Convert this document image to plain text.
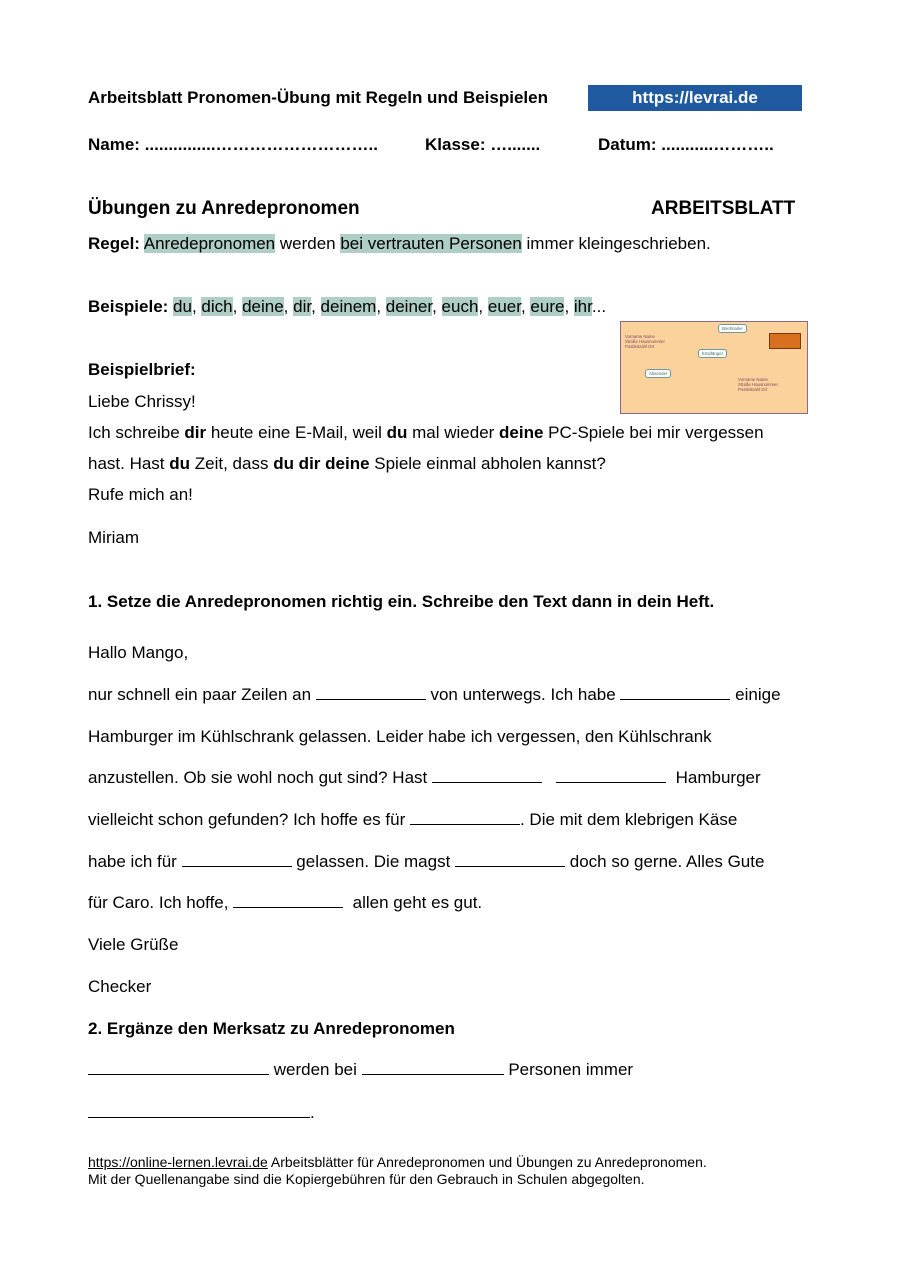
Arbeitsblatt Pronomen-Übung mit Regeln und Beispielen	https://levrai.de
Name: ...............………………………..	Klasse: ….......	Datum: ...........………..
Übungen zu Anredepronomen	ARBEITSBLATT
Regel: Anredepronomen werden bei vertrauten Personen immer kleingeschrieben.
Beispiele: du, dich, deine, dir, deinem, deiner, euch, euer, eure, ihr...
Vorname Name
Straße Hausnummer
Postleitzahl Ort
Absender
Briefmarke
Empfänger
Vorname Name
Straße Hausnummer
Postleitzahl Ort
Beispielbrief:
Liebe Chrissy!
Ich schreibe dir heute eine E-Mail, weil du mal wieder deine PC-Spiele bei mir vergessen
hast. Hast du Zeit, dass du dir deine Spiele einmal abholen kannst?
Rufe mich an!
Miriam
1. Setze die Anredepronomen richtig ein. Schreibe den Text dann in dein Heft.
Hallo Mango,
nur schnell ein paar Zeilen an	von unterwegs. Ich habe	einige
Hamburger im Kühlschrank gelassen. Leider habe ich vergessen, den Kühlschrank
anzustellen. Ob sie wohl noch gut sind? Hast	Hamburger
vielleicht schon gefunden? Ich hoffe es für	. Die mit dem klebrigen Käse
habe ich für	gelassen. Die magst	doch so gerne. Alles Gute
für Caro. Ich hoffe,	allen geht es gut.
Viele Grüße
Checker
2. Ergänze den Merksatz zu Anredepronomen
werden bei	Personen immer
.
https://online-lernen.levrai.de Arbeitsblätter für Anredepronomen und Übungen zu Anredepronomen.
Mit der Quellenangabe sind die Kopiergebühren für den Gebrauch in Schulen abgegolten.
